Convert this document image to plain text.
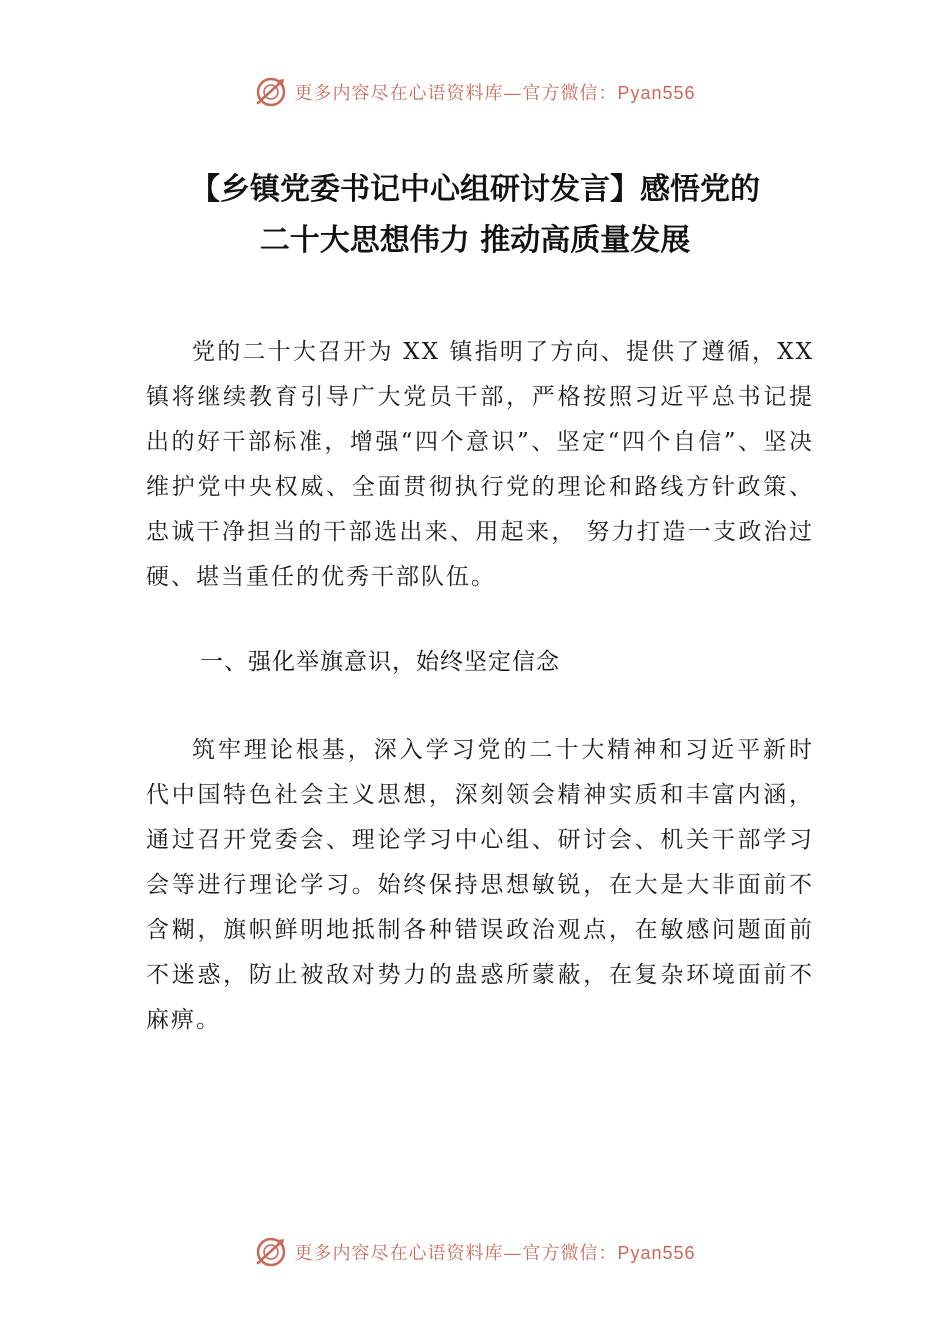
更多内容尽在心语资料库—官方微信：Pyan556
【乡镇党委书记中心组研讨发言】感悟党的
二十大思想伟力 推动高质量发展

党的二十大召开为 XX 镇指明了方向、提供了遵循，XX 镇将继续教育引导广大党员干部，严格按照习近平总书记提出的好干部标准，增强“四个意识”、坚定“四个自信”、坚决维护党中央权威、全面贯彻执行党的理论和路线方针政策、忠诚干净担当的干部选出来、用起来， 努力打造一支政治过硬、堪当重任的优秀干部队伍。

一、强化举旗意识，始终坚定信念

筑牢理论根基，深入学习党的二十大精神和习近平新时代中国特色社会主义思想，深刻领会精神实质和丰富内涵，通过召开党委会、理论学习中心组、研讨会、机关干部学习会等进行理论学习。始终保持思想敏锐，在大是大非面前不含糊，旗帜鲜明地抵制各种错误政治观点，在敏感问题面前不迷惑，防止被敌对势力的蛊惑所蒙蔽，在复杂环境面前不麻痹。

更多内容尽在心语资料库—官方微信：Pyan556
